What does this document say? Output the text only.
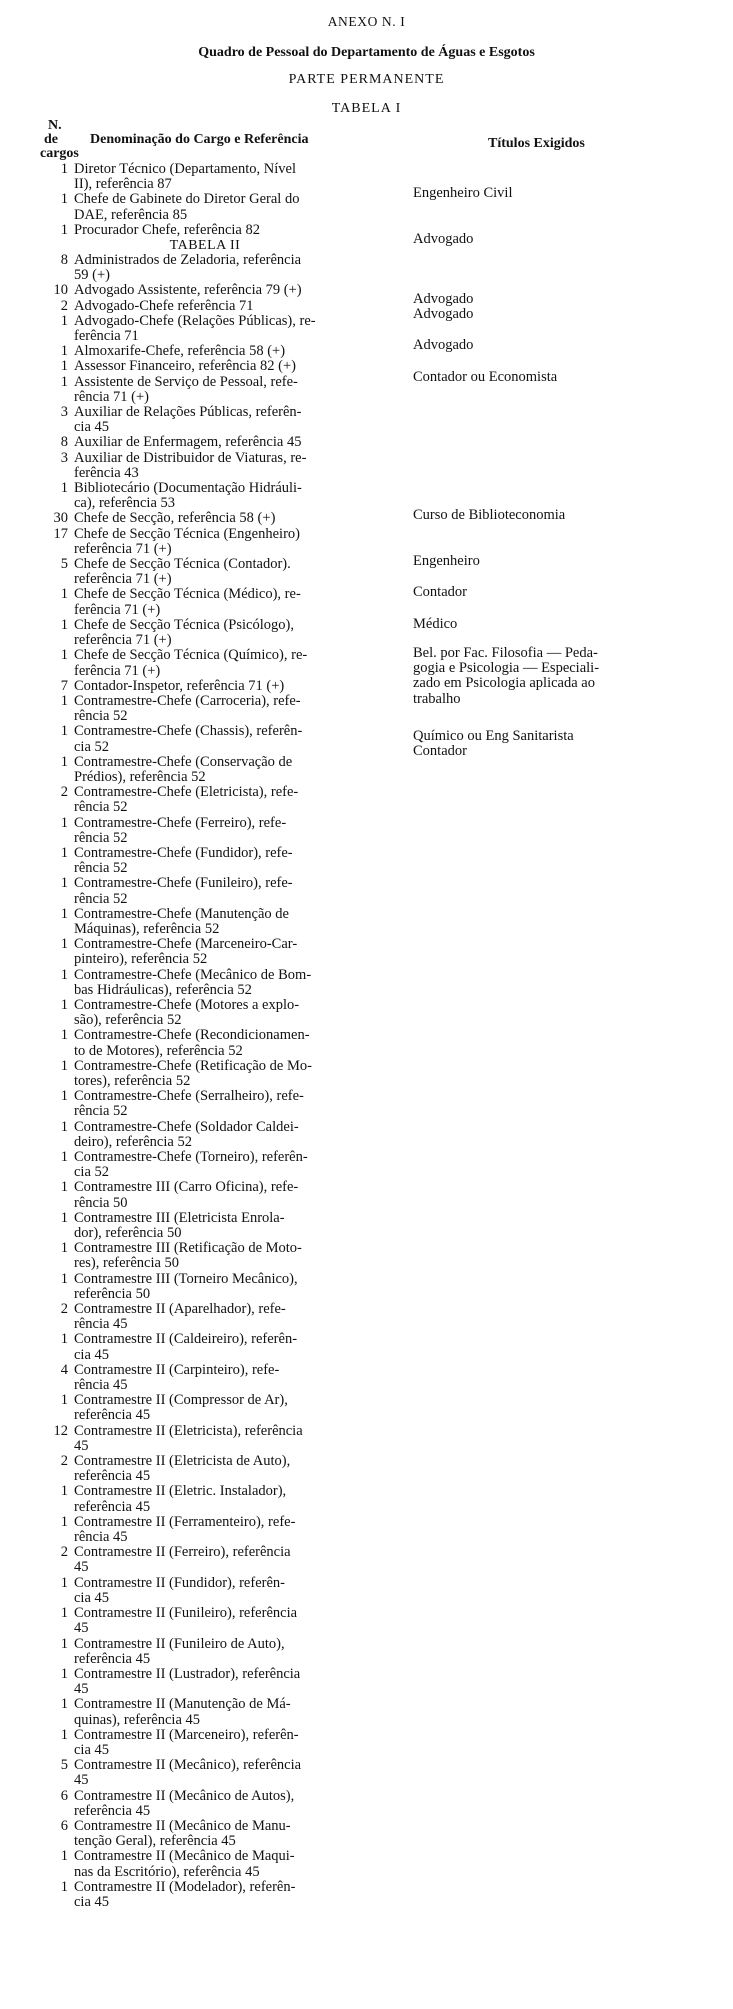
ANEXO N. I
Quadro de Pessoal do Departamento de Águas e Esgotos
PARTE PERMANENTE
TABELA I
N.
de
cargos
Denominação do Cargo e Referência	Títulos Exigidos
1 Diretor Técnico (Departamento, Nível
II), referência 87
1 Chefe de Gabinete do Diretor Geral do
DAE, referência 85
1 Procurador Chefe, referência 82
TABELA II
8 Administrados de Zeladoria, referência
59 (+)
10 Advogado Assistente, referência 79 (+)
2 Advogado-Chefe referência 71
1 Advogado-Chefe (Relações Públicas), re-
ferência 71
1 Almoxarife-Chefe, referência 58 (+)
1 Assessor Financeiro, referência 82 (+)
1 Assistente de Serviço de Pessoal, refe-
rência 71 (+)
3 Auxiliar de Relações Públicas, referên-
cia 45
8 Auxiliar de Enfermagem, referência 45
3 Auxiliar de Distribuidor de Viaturas, re-
ferência 43
1 Bibliotecário (Documentação Hidráuli-
ca), referência 53
30 Chefe de Secção, referência 58 (+)
17 Chefe de Secção Técnica (Engenheiro)
referência 71 (+)
5 Chefe de Secção Técnica (Contador).
referência 71 (+)
1 Chefe de Secção Técnica (Médico), re-
ferência 71 (+)
1 Chefe de Secção Técnica (Psicólogo),
referência 71 (+)
1 Chefe de Secção Técnica (Químico), re-
ferência 71 (+)
7 Contador-Inspetor, referência 71 (+)
1 Contramestre-Chefe (Carroceria), refe-
rência 52
1 Contramestre-Chefe (Chassis), referên-
cia 52
1 Contramestre-Chefe (Conservação de
Prédios), referência 52
2 Contramestre-Chefe (Eletricista), refe-
rência 52
1 Contramestre-Chefe (Ferreiro), refe-
rência 52
1 Contramestre-Chefe (Fundidor), refe-
rência 52
1 Contramestre-Chefe (Funileiro), refe-
rência 52
1 Contramestre-Chefe (Manutenção de
Máquinas), referência 52
1 Contramestre-Chefe (Marceneiro-Car-
pinteiro), referência 52
1 Contramestre-Chefe (Mecânico de Bom-
bas Hidráulicas), referência 52
1 Contramestre-Chefe (Motores a explo-
são), referência 52
1 Contramestre-Chefe (Recondicionamen-
to de Motores), referência 52
1 Contramestre-Chefe (Retificação de Mo-
tores), referência 52
1 Contramestre-Chefe (Serralheiro), refe-
rência 52
1 Contramestre-Chefe (Soldador Caldei-
deiro), referência 52
1 Contramestre-Chefe (Torneiro), referên-
cia 52
1 Contramestre III (Carro Oficina), refe-
rência 50
1 Contramestre III (Eletricista Enrola-
dor), referência 50
1 Contramestre III (Retificação de Moto-
res), referência 50
1 Contramestre III (Torneiro Mecânico),
referência 50
2 Contramestre II (Aparelhador), refe-
rência 45
1 Contramestre II (Caldeireiro), referên-
cia 45
4 Contramestre II (Carpinteiro), refe-
rência 45
1 Contramestre II (Compressor de Ar),
referência 45
12 Contramestre II (Eletricista), referência
45
2 Contramestre II (Eletricista de Auto),
referência 45
1 Contramestre II (Eletric. Instalador),
referência 45
1 Contramestre II (Ferramenteiro), refe-
rência 45
2 Contramestre II (Ferreiro), referência
45
1 Contramestre II (Fundidor), referên-
cia 45
1 Contramestre II (Funileiro), referência
45
1 Contramestre II (Funileiro de Auto),
referência 45
1 Contramestre II (Lustrador), referência
45
1 Contramestre II (Manutenção de Má-
quinas), referência 45
1 Contramestre II (Marceneiro), referên-
cia 45
5 Contramestre II (Mecânico), referência
45
6 Contramestre II (Mecânico de Autos),
referência 45
6 Contramestre II (Mecânico de Manu-
tenção Geral), referência 45
1 Contramestre II (Mecânico de Maqui-
nas da Escritório), referência 45
1 Contramestre II (Modelador), referên-
cia 45
Engenheiro Civil
Advogado
Advogado
Advogado
Advogado
Contador ou Economista
Curso de Biblioteconomia
Engenheiro
Contador
Médico
Bel. por Fac. Filosofia — Peda-
gogia e Psicologia — Especiali-
zado em Psicologia aplicada ao
trabalho
Químico ou Eng Sanitarista
Contador
